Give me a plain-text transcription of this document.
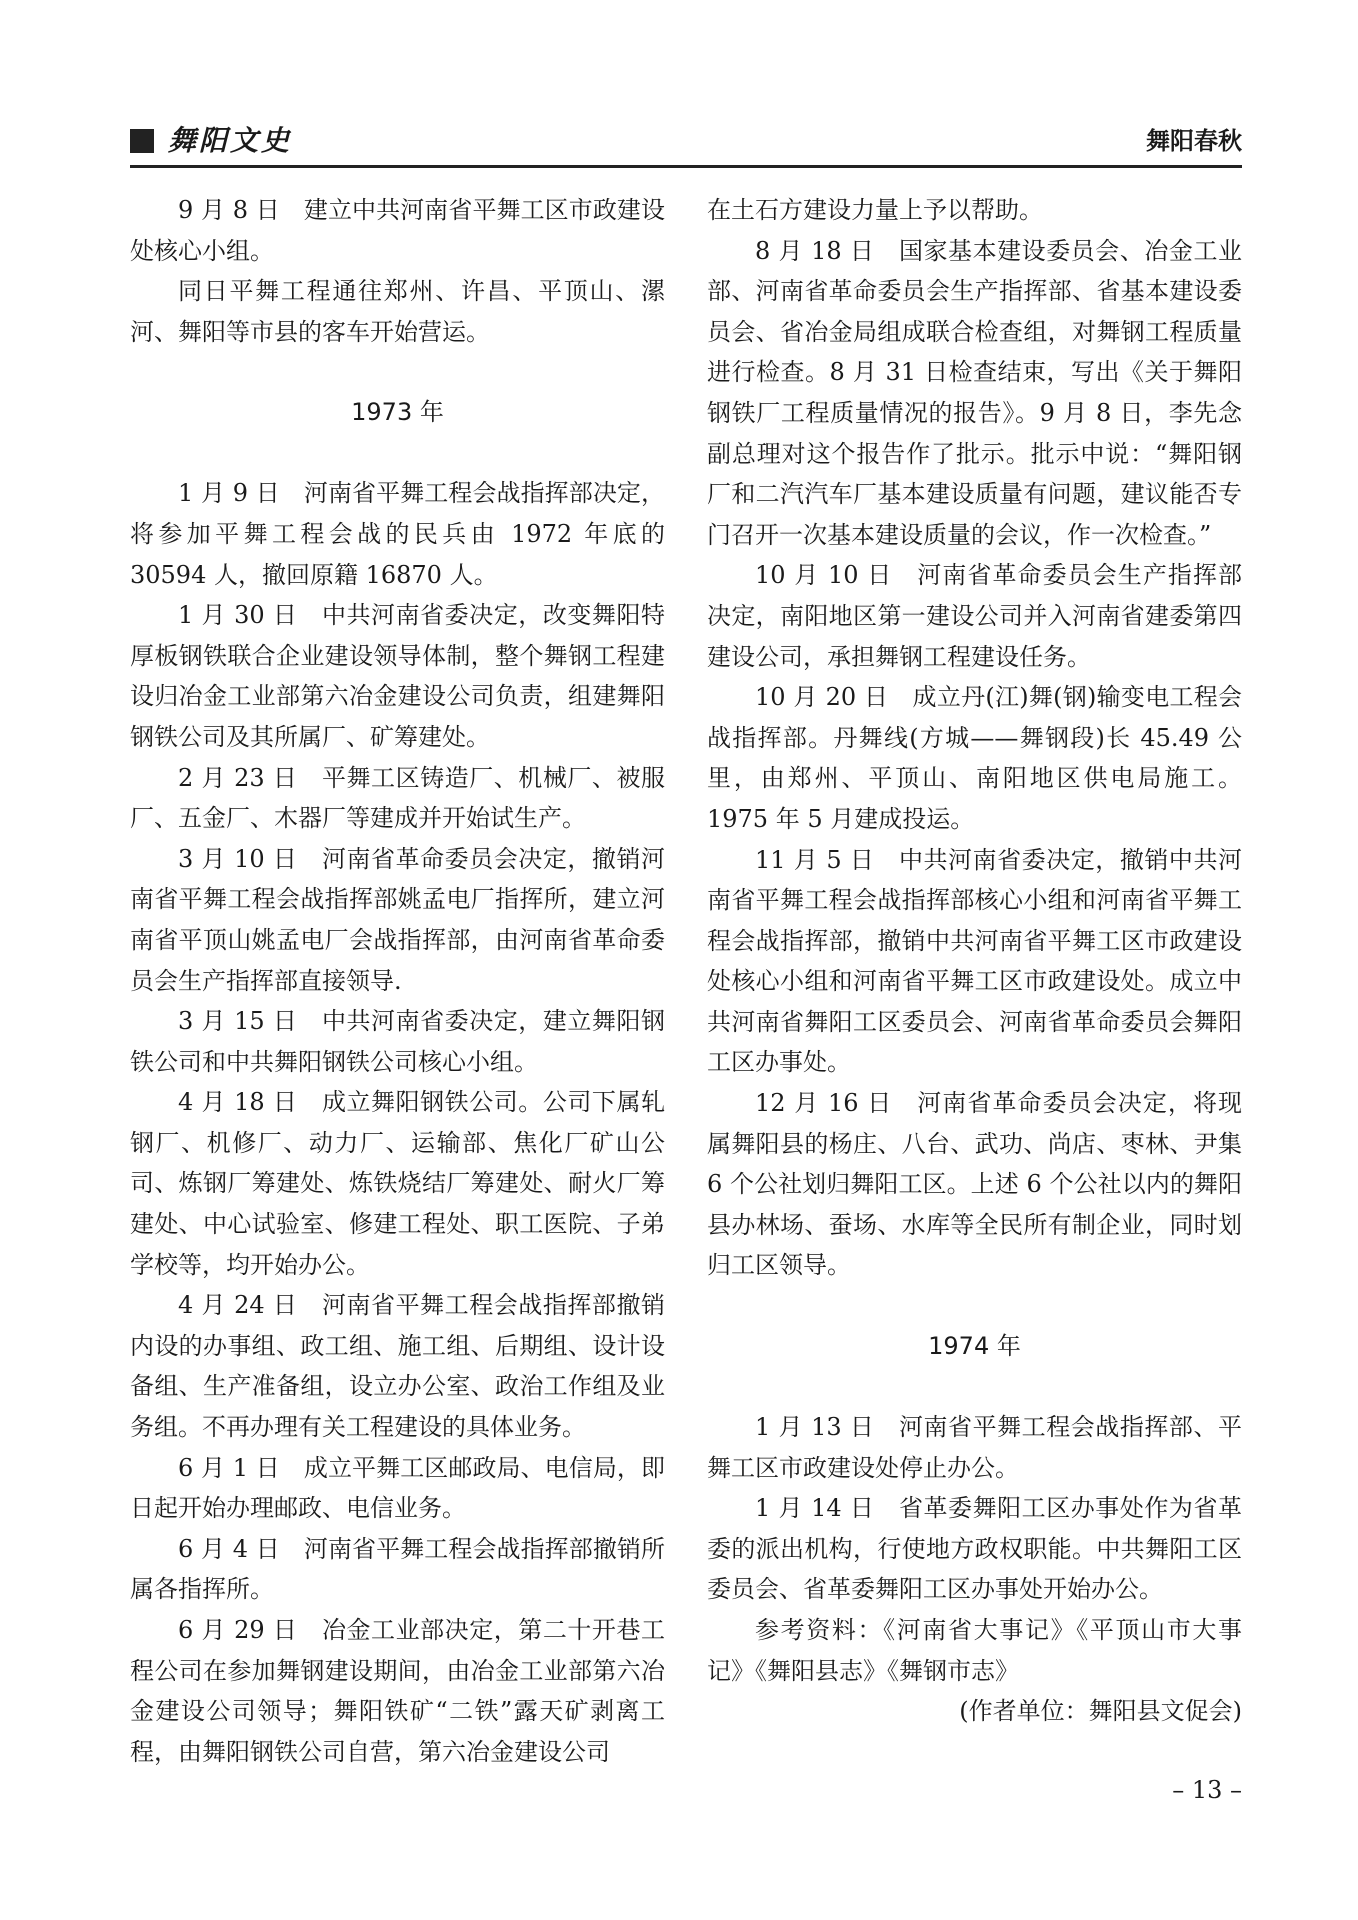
舞阳文史	舞阳春秋

9 月 8 日　建立中共河南省平舞工区市政建设处核心小组。

同日平舞工程通往郑州、许昌、平顶山、漯河、舞阳等市县的客车开始营运。

1973 年

1 月 9 日　河南省平舞工程会战指挥部决定，将参加平舞工程会战的民兵由 1972 年底的 30594 人，撤回原籍 16870 人。

1 月 30 日　中共河南省委决定，改变舞阳特厚板钢铁联合企业建设领导体制，整个舞钢工程建设归冶金工业部第六冶金建设公司负责，组建舞阳钢铁公司及其所属厂、矿筹建处。

2 月 23 日　平舞工区铸造厂、机械厂、被服厂、五金厂、木器厂等建成并开始试生产。

3 月 10 日　河南省革命委员会决定，撤销河南省平舞工程会战指挥部姚孟电厂指挥所，建立河南省平顶山姚孟电厂会战指挥部，由河南省革命委员会生产指挥部直接领导.

3 月 15 日　中共河南省委决定，建立舞阳钢铁公司和中共舞阳钢铁公司核心小组。

4 月 18 日　成立舞阳钢铁公司。公司下属轧钢厂、机修厂、动力厂、运输部、焦化厂矿山公司、炼钢厂筹建处、炼铁烧结厂筹建处、耐火厂筹建处、中心试验室、修建工程处、职工医院、子弟学校等，均开始办公。

4 月 24 日　河南省平舞工程会战指挥部撤销内设的办事组、政工组、施工组、后期组、设计设备组、生产准备组，设立办公室、政治工作组及业务组。不再办理有关工程建设的具体业务。

6 月 1 日　成立平舞工区邮政局、电信局，即日起开始办理邮政、电信业务。

6 月 4 日　河南省平舞工程会战指挥部撤销所属各指挥所。

6 月 29 日　冶金工业部决定，第二十开巷工程公司在参加舞钢建设期间，由冶金工业部第六冶金建设公司领导；舞阳铁矿“二铁”露天矿剥离工程，由舞阳钢铁公司自营，第六冶金建设公司

在土石方建设力量上予以帮助。

8 月 18 日　国家基本建设委员会、冶金工业部、河南省革命委员会生产指挥部、省基本建设委员会、省冶金局组成联合检查组，对舞钢工程质量进行检查。8 月 31 日检查结束，写出《关于舞阳钢铁厂工程质量情况的报告》。9 月 8 日，李先念副总理对这个报告作了批示。批示中说：“舞阳钢厂和二汽汽车厂基本建设质量有问题，建议能否专门召开一次基本建设质量的会议，作一次检查。”

10 月 10 日　河南省革命委员会生产指挥部决定，南阳地区第一建设公司并入河南省建委第四建设公司，承担舞钢工程建设任务。

10 月 20 日　成立丹(江)舞(钢)输变电工程会战指挥部。丹舞线(方城——舞钢段)长 45.49 公里，由郑州、平顶山、南阳地区供电局施工。1975 年 5 月建成投运。

11 月 5 日　中共河南省委决定，撤销中共河南省平舞工程会战指挥部核心小组和河南省平舞工程会战指挥部，撤销中共河南省平舞工区市政建设处核心小组和河南省平舞工区市政建设处。成立中共河南省舞阳工区委员会、河南省革命委员会舞阳工区办事处。

12 月 16 日　河南省革命委员会决定，将现属舞阳县的杨庄、八台、武功、尚店、枣林、尹集 6 个公社划归舞阳工区。上述 6 个公社以内的舞阳县办林场、蚕场、水库等全民所有制企业，同时划归工区领导。

1974 年

1 月 13 日　河南省平舞工程会战指挥部、平舞工区市政建设处停止办公。

1 月 14 日　省革委舞阳工区办事处作为省革委的派出机构，行使地方政权职能。中共舞阳工区委员会、省革委舞阳工区办事处开始办公。

参考资料：《河南省大事记》《平顶山市大事记》《舞阳县志》《舞钢市志》

(作者单位：舞阳县文促会)

– 13 –
